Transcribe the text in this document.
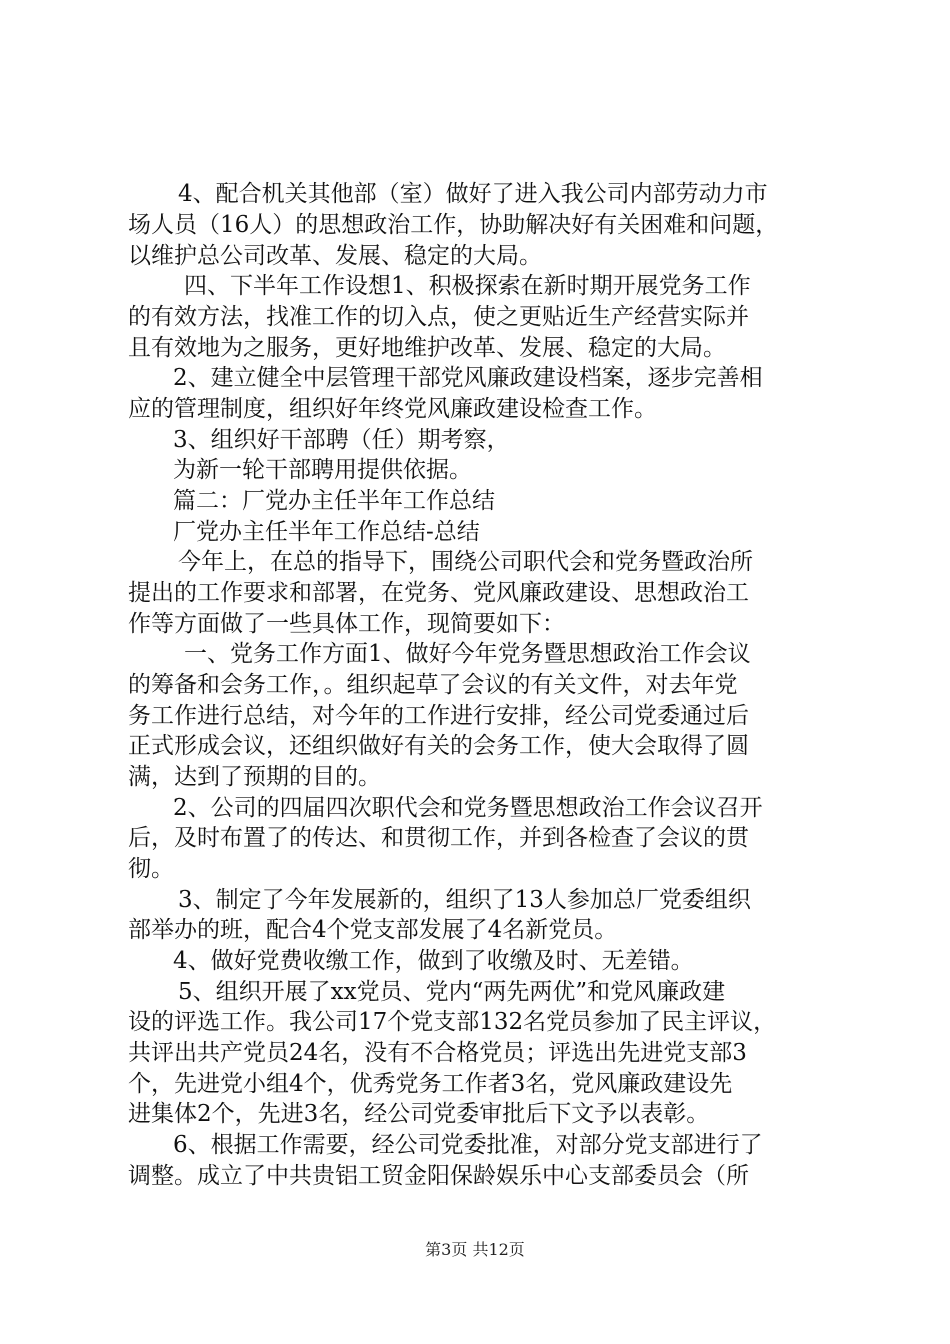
4、配合机关其他部（室）做好了进入我公司内部劳动力市
场人员（16人）的思想政治工作，协助解决好有关困难和问题，
以维护总公司改革、发展、稳定的大局。
四、下半年工作设想1、积极探索在新时期开展党务工作
的有效方法，找准工作的切入点，使之更贴近生产经营实际并
且有效地为之服务，更好地维护改革、发展、稳定的大局。
2、建立健全中层管理干部党风廉政建设档案，逐步完善相
应的管理制度，组织好年终党风廉政建设检查工作。
3、组织好干部聘（任）期考察，
为新一轮干部聘用提供依据。
篇二：厂党办主任半年工作总结
厂党办主任半年工作总结-总结
今年上，在总的指导下，围绕公司职代会和党务暨政治所
提出的工作要求和部署，在党务、党风廉政建设、思想政治工
作等方面做了一些具体工作，现简要如下：
一、党务工作方面1、做好今年党务暨思想政治工作会议
的筹备和会务工作，。组织起草了会议的有关文件，对去年党
务工作进行总结，对今年的工作进行安排，经公司党委通过后
正式形成会议，还组织做好有关的会务工作，使大会取得了圆
满，达到了预期的目的。
2、公司的四届四次职代会和党务暨思想政治工作会议召开
后，及时布置了的传达、和贯彻工作，并到各检查了会议的贯
彻。
3、制定了今年发展新的，组织了13人参加总厂党委组织
部举办的班，配合4个党支部发展了4名新党员。
4、做好党费收缴工作，做到了收缴及时、无差错。
5、组织开展了xx党员、党内“两先两优”和党风廉政建
设的评选工作。我公司17个党支部132名党员参加了民主评议，
共评出共产党员24名，没有不合格党员；评选出先进党支部3
个，先进党小组4个，优秀党务工作者3名，党风廉政建设先
进集体2个，先进3名，经公司党委审批后下文予以表彰。
6、根据工作需要，经公司党委批准，对部分党支部进行了
调整。成立了中共贵铝工贸金阳保龄娱乐中心支部委员会（所
第3页 共12页
